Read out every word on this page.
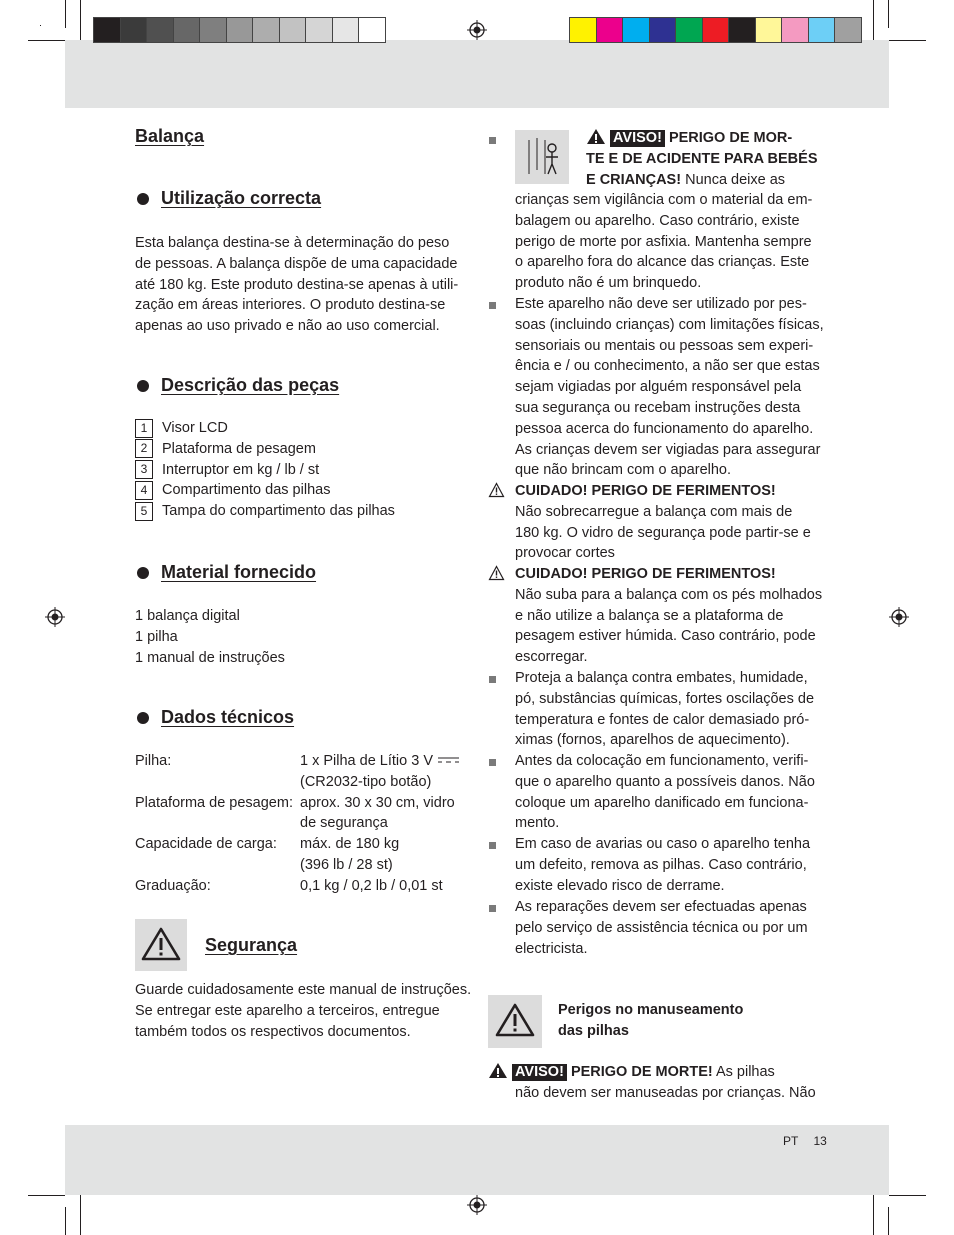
Balança
Utilização correcta
Esta balança destina-se à determinação do peso
de pessoas. A balança dispõe de uma capacidade
até 180 kg. Este produto destina-se apenas à utili-
zação em áreas interiores. O produto destina-se
apenas ao uso privado e não ao uso comercial.
Descrição das peças
1 Visor LCD
2 Plataforma de pesagem
3 Interruptor em kg / lb / st
4 Compartimento das pilhas
5 Tampa do compartimento das pilhas
Material fornecido
1 balança digital
1 pilha
1 manual de instruções
Dados técnicos
Pilha:	1 x Pilha de Lítio 3 V
(CR2032-tipo botão)
Plataforma de pesagem: aprox. 30 x 30 cm, vidro
de segurança
Capacidade de carga: máx. de 180 kg
(396 lb / 28 st)
Graduação:	0,1 kg / 0,2 lb / 0,01 st
Segurança
Guarde cuidadosamente este manual de instruções.
Se entregar este aparelho a terceiros, entregue
também todos os respectivos documentos.
AVISO! PERIGO DE MOR-
TE E DE ACIDENTE PARA BEBÉS
E CRIANÇAS! Nunca deixe as
crianças sem vigilância com o material da em-
balagem ou aparelho. Caso contrário, existe
perigo de morte por asfixia. Mantenha sempre
o aparelho fora do alcance das crianças. Este
produto não é um brinquedo.
Este aparelho não deve ser utilizado por pes-
soas (incluindo crianças) com limitações físicas,
sensoriais ou mentais ou pessoas sem experi-
ência e / ou conhecimento, a não ser que estas
sejam vigiadas por alguém responsável pela
sua segurança ou recebam instruções desta
pessoa acerca do funcionamento do aparelho.
As crianças devem ser vigiadas para assegurar
que não brincam com o aparelho.
CUIDADO! PERIGO DE FERIMENTOS!
Não sobrecarregue a balança com mais de
180 kg. O vidro de segurança pode partir-se e
provocar cortes
CUIDADO! PERIGO DE FERIMENTOS!
Não suba para a balança com os pés molhados
e não utilize a balança se a plataforma de
pesagem estiver húmida. Caso contrário, pode
escorregar.
Proteja a balança contra embates, humidade,
pó, substâncias químicas, fortes oscilações de
temperatura e fontes de calor demasiado pró-
ximas (fornos, aparelhos de aquecimento).
Antes da colocação em funcionamento, verifi-
que o aparelho quanto a possíveis danos. Não
coloque um aparelho danificado em funciona-
mento.
Em caso de avarias ou caso o aparelho tenha
um defeito, remova as pilhas. Caso contrário,
existe elevado risco de derrame.
As reparações devem ser efectuadas apenas
pelo serviço de assistência técnica ou por um
electricista.
Perigos no manuseamento
das pilhas
AVISO! PERIGO DE MORTE! As pilhas
não devem ser manuseadas por crianças. Não
PT 13
